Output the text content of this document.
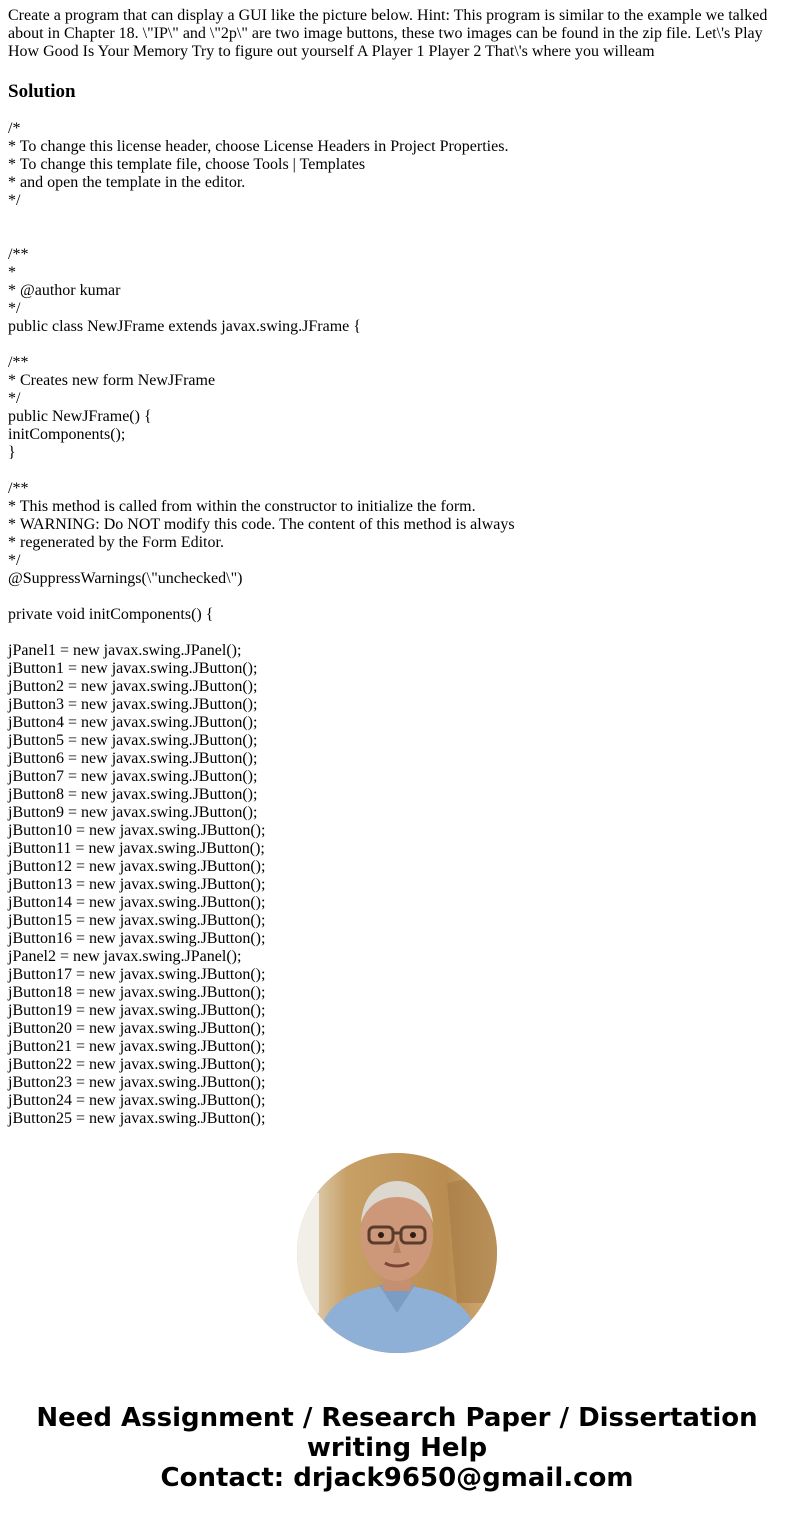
Create a program that can display a GUI like the picture below. Hint: This program is similar to the example we talked about in Chapter 18. \"IP\" and \"2p\" are two image buttons, these two images can be found in the zip file. Let\'s Play How Good Is Your Memory Try to figure out yourself A Player 1 Player 2 That\'s where you willeam
Solution
/*
* To change this license header, choose License Headers in Project Properties.
* To change this template file, choose Tools | Templates
* and open the template in the editor.
*/
/**
*
* @author kumar
*/
public class NewJFrame extends javax.swing.JFrame {
/**
* Creates new form NewJFrame
*/
public NewJFrame() {
initComponents();
}
/**
* This method is called from within the constructor to initialize the form.
* WARNING: Do NOT modify this code. The content of this method is always
* regenerated by the Form Editor.
*/
@SuppressWarnings(\"unchecked\")
private void initComponents() {
jPanel1 = new javax.swing.JPanel();
jButton1 = new javax.swing.JButton();
jButton2 = new javax.swing.JButton();
jButton3 = new javax.swing.JButton();
jButton4 = new javax.swing.JButton();
jButton5 = new javax.swing.JButton();
jButton6 = new javax.swing.JButton();
jButton7 = new javax.swing.JButton();
jButton8 = new javax.swing.JButton();
jButton9 = new javax.swing.JButton();
jButton10 = new javax.swing.JButton();
jButton11 = new javax.swing.JButton();
jButton12 = new javax.swing.JButton();
jButton13 = new javax.swing.JButton();
jButton14 = new javax.swing.JButton();
jButton15 = new javax.swing.JButton();
jButton16 = new javax.swing.JButton();
jPanel2 = new javax.swing.JPanel();
jButton17 = new javax.swing.JButton();
jButton18 = new javax.swing.JButton();
jButton19 = new javax.swing.JButton();
jButton20 = new javax.swing.JButton();
jButton21 = new javax.swing.JButton();
jButton22 = new javax.swing.JButton();
jButton23 = new javax.swing.JButton();
jButton24 = new javax.swing.JButton();
jButton25 = new javax.swing.JButton();
Need Assignment / Research Paper / Dissertation
writing Help
Contact: drjack9650@gmail.com
